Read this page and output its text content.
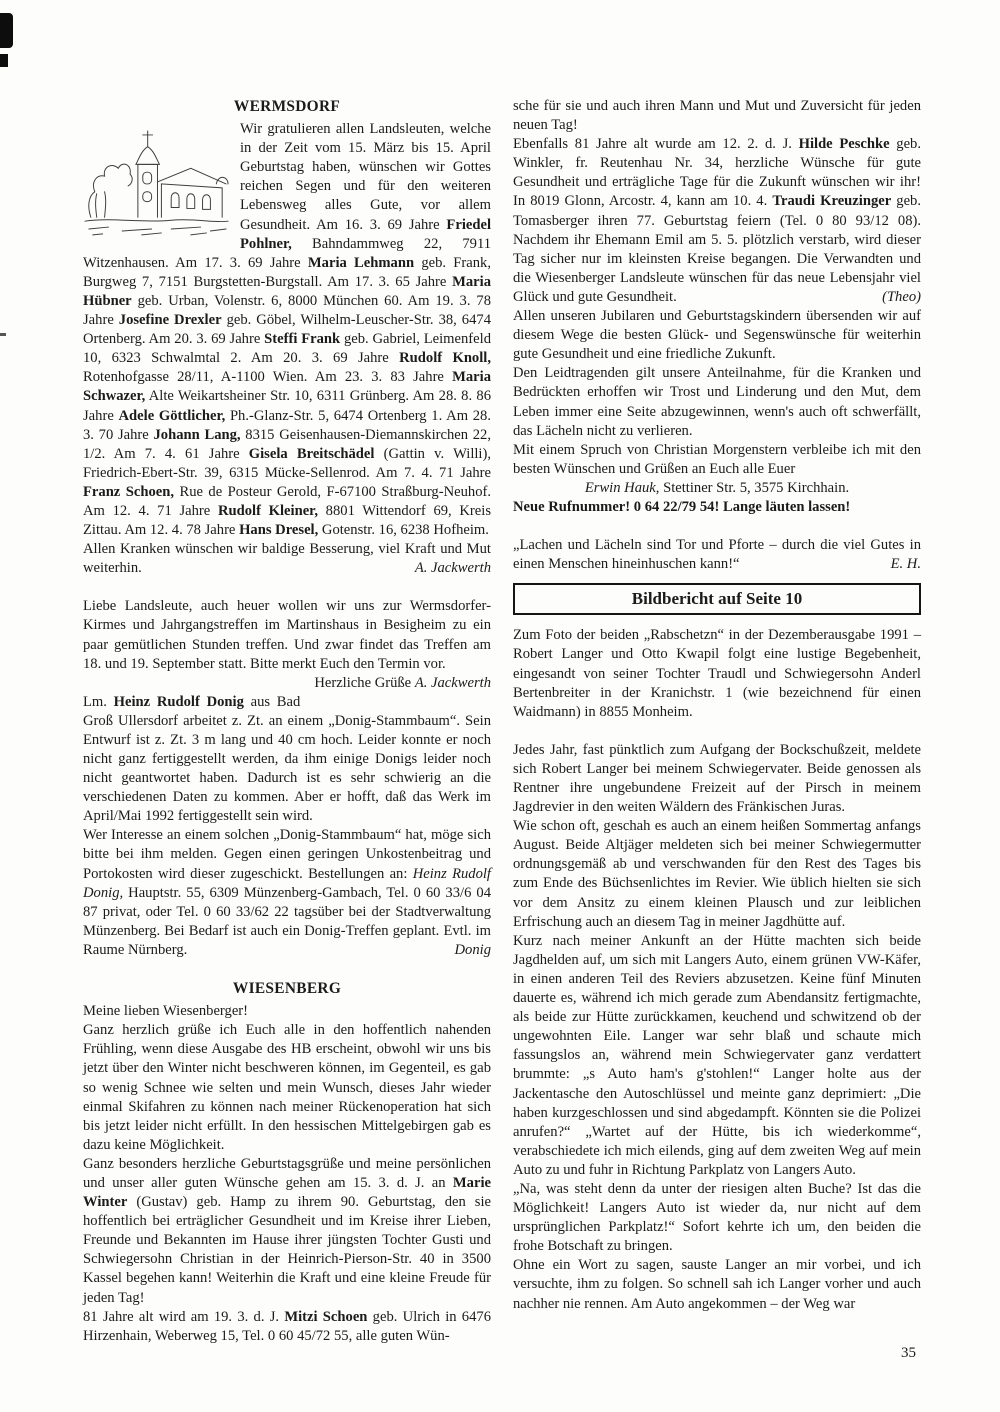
WERMSDORF

Wir gratulieren allen Landsleuten, welche in der Zeit vom 15. März bis 15. April Geburtstag haben, wünschen wir Gottes reichen Segen und für den weiteren Lebensweg alles Gute, vor allem Gesundheit. Am 16. 3. 69 Jahre Friedel Pohlner, Bahndammweg 22, 7911 Witzenhausen. Am 17. 3. 69 Jahre Maria Lehmann geb. Frank, Burgweg 7, 7151 Burgstetten-Burgstall. Am 17. 3. 65 Jahre Maria Hübner geb. Urban, Volenstr. 6, 8000 München 60. Am 19. 3. 78 Jahre Josefine Drexler geb. Göbel, Wilhelm-Leuscher-Str. 38, 6474 Ortenberg. Am 20. 3. 69 Jahre Steffi Frank geb. Gabriel, Leimenfeld 10, 6323 Schwalmtal 2. Am 20. 3. 69 Jahre Rudolf Knoll, Rotenhofgasse 28/11, A-1100 Wien. Am 23. 3. 83 Jahre Maria Schwazer, Alte Weikartsheiner Str. 10, 6311 Grünberg. Am 28. 8. 86 Jahre Adele Göttlicher, Ph.-Glanz-Str. 5, 6474 Ortenberg 1. Am 28. 3. 70 Jahre Johann Lang, 8315 Geisenhausen-Diemannskirchen 22, 1/2. Am 7. 4. 61 Jahre Gisela Breitschädel (Gattin v. Willi), Friedrich-Ebert-Str. 39, 6315 Mücke-Sellenrod. Am 7. 4. 71 Jahre Franz Schoen, Rue de Posteur Gerold, F-67100 Straßburg-Neuhof. Am 12. 4. 71 Jahre Rudolf Kleiner, 8801 Wittendorf 69, Kreis Zittau. Am 12. 4. 78 Jahre Hans Dresel, Gotenstr. 16, 6238 Hofheim.

Allen Kranken wünschen wir baldige Besserung, viel Kraft und Mut weiterhin.	A. Jackwerth

Liebe Landsleute, auch heuer wollen wir uns zur Wermsdorfer-Kirmes und Jahrgangstreffen im Martinshaus in Besigheim zu ein paar gemütlichen Stunden treffen. Und zwar findet das Treffen am 18. und 19. September statt. Bitte merkt Euch den Termin vor.
Herzliche Grüße A. Jackwerth

Lm. Heinz Rudolf Donig aus Bad Groß Ullersdorf arbeitet z. Zt. an einem „Donig-Stammbaum“. Sein Entwurf ist z. Zt. 3 m lang und 40 cm hoch. Leider konnte er noch nicht ganz fertiggestellt werden, da ihm einige Donigs leider noch nicht geantwortet haben. Dadurch ist es sehr schwierig an die verschiedenen Daten zu kommen. Aber er hofft, daß das Werk im April/Mai 1992 fertiggestellt sein wird.

Wer Interesse an einem solchen „Donig-Stammbaum“ hat, möge sich bitte bei ihm melden. Gegen einen geringen Unkostenbeitrag und Portokosten wird dieser zugeschickt. Bestellungen an: Heinz Rudolf Donig, Hauptstr. 55, 6309 Münzenberg-Gambach, Tel. 0 60 33/6 04 87 privat, oder Tel. 0 60 33/62 22 tagsüber bei der Stadtverwaltung Münzenberg. Bei Bedarf ist auch ein Donig-Treffen geplant. Evtl. im Raume Nürnberg.	Donig

WIESENBERG

Meine lieben Wiesenberger!

Ganz herzlich grüße ich Euch alle in den hoffentlich nahenden Frühling, wenn diese Ausgabe des HB erscheint, obwohl wir uns bis jetzt über den Winter nicht beschweren können, im Gegenteil, es gab so wenig Schnee wie selten und mein Wunsch, dieses Jahr wieder einmal Skifahren zu können nach meiner Rückenoperation hat sich bis jetzt leider nicht erfüllt. In den hessischen Mittelgebirgen gab es dazu keine Möglichkeit.

Ganz besonders herzliche Geburtstagsgrüße und meine persönlichen und unser aller guten Wünsche gehen am 15. 3. d. J. an Marie Winter (Gustav) geb. Hamp zu ihrem 90. Geburtstag, den sie hoffentlich bei erträglicher Gesundheit und im Kreise ihrer Lieben, Freunde und Bekannten im Hause ihrer jüngsten Tochter Gusti und Schwiegersohn Christian in der Heinrich-Pierson-Str. 40 in 3500 Kassel begehen kann! Weiterhin die Kraft und eine kleine Freude für jeden Tag!

81 Jahre alt wird am 19. 3. d. J. Mitzi Schoen geb. Ulrich in 6476 Hirzenhain, Weberweg 15, Tel. 0 60 45/72 55, alle guten Wün-

sche für sie und auch ihren Mann und Mut und Zuversicht für jeden neuen Tag!

Ebenfalls 81 Jahre alt wurde am 12. 2. d. J. Hilde Peschke geb. Winkler, fr. Reutenhau Nr. 34, herzliche Wünsche für gute Gesundheit und erträgliche Tage für die Zukunft wünschen wir ihr! In 8019 Glonn, Arcostr. 4, kann am 10. 4. Traudi Kreuzinger geb. Tomasberger ihren 77. Geburtstag feiern (Tel. 0 80 93/12 08). Nachdem ihr Ehemann Emil am 5. 5. plötzlich verstarb, wird dieser Tag sicher nur im kleinsten Kreise begangen. Die Verwandten und die Wiesenberger Landsleute wünschen für das neue Lebensjahr viel Glück und gute Gesundheit.	(Theo)

Allen unseren Jubilaren und Geburtstagskindern übersenden wir auf diesem Wege die besten Glück- und Segenswünsche für weiterhin gute Gesundheit und eine friedliche Zukunft.

Den Leidtragenden gilt unsere Anteilnahme, für die Kranken und Bedrückten erhoffen wir Trost und Linderung und den Mut, dem Leben immer eine Seite abzugewinnen, wenn's auch oft schwerfällt, das Lächeln nicht zu verlieren.

Mit einem Spruch von Christian Morgenstern verbleibe ich mit den besten Wünschen und Grüßen an Euch alle Euer

Erwin Hauk, Stettiner Str. 5, 3575 Kirchhain.

Neue Rufnummer! 0 64 22/79 54! Lange läuten lassen!

„Lachen und Lächeln sind Tor und Pforte – durch die viel Gutes in einen Menschen hineinhuschen kann!“	E. H.

Bildbericht auf Seite 10

Zum Foto der beiden „Rabschetzn“ in der Dezemberausgabe 1991 – Robert Langer und Otto Kwapil folgt eine lustige Begebenheit, eingesandt von seiner Tochter Traudl und Schwiegersohn Anderl Bertenbreiter in der Kranichstr. 1 (wie bezeichnend für einen Waidmann) in 8855 Monheim.

Jedes Jahr, fast pünktlich zum Aufgang der Bockschußzeit, meldete sich Robert Langer bei meinem Schwiegervater. Beide genossen als Rentner ihre ungebundene Freizeit auf der Pirsch in meinem Jagdrevier in den weiten Wäldern des Fränkischen Juras.

Wie schon oft, geschah es auch an einem heißen Sommertag anfangs August. Beide Altjäger meldeten sich bei meiner Schwiegermutter ordnungsgemäß ab und verschwanden für den Rest des Tages bis zum Ende des Büchsenlichtes im Revier. Wie üblich hielten sie sich vor dem Ansitz zu einem kleinen Plausch und zur leiblichen Erfrischung auch an diesem Tag in meiner Jagdhütte auf.

Kurz nach meiner Ankunft an der Hütte machten sich beide Jagdhelden auf, um sich mit Langers Auto, einem grünen VW-Käfer, in einen anderen Teil des Reviers abzusetzen. Keine fünf Minuten dauerte es, während ich mich gerade zum Abendansitz fertigmachte, als beide zur Hütte zurückkamen, keuchend und schwitzend ob der ungewohnten Eile. Langer war sehr blaß und schaute mich fassungslos an, während mein Schwiegervater ganz verdattert brummte: „s Auto ham's g'stohlen!“ Langer holte aus der Jackentasche den Autoschlüssel und meinte ganz deprimiert: „Die haben kurzgeschlossen und sind abgedampft. Könnten sie die Polizei anrufen?“ „Wartet auf der Hütte, bis ich wiederkomme“, verabschiedete ich mich eilends, ging auf dem zweiten Weg auf mein Auto zu und fuhr in Richtung Parkplatz von Langers Auto.

„Na, was steht denn da unter der riesigen alten Buche? Ist das die Möglichkeit! Langers Auto ist wieder da, nur nicht auf dem ursprünglichen Parkplatz!“ Sofort kehrte ich um, den beiden die frohe Botschaft zu bringen.

Ohne ein Wort zu sagen, sauste Langer an mir vorbei, und ich versuchte, ihm zu folgen. So schnell sah ich Langer vorher und auch nachher nie rennen. Am Auto angekommen – der Weg war

35
